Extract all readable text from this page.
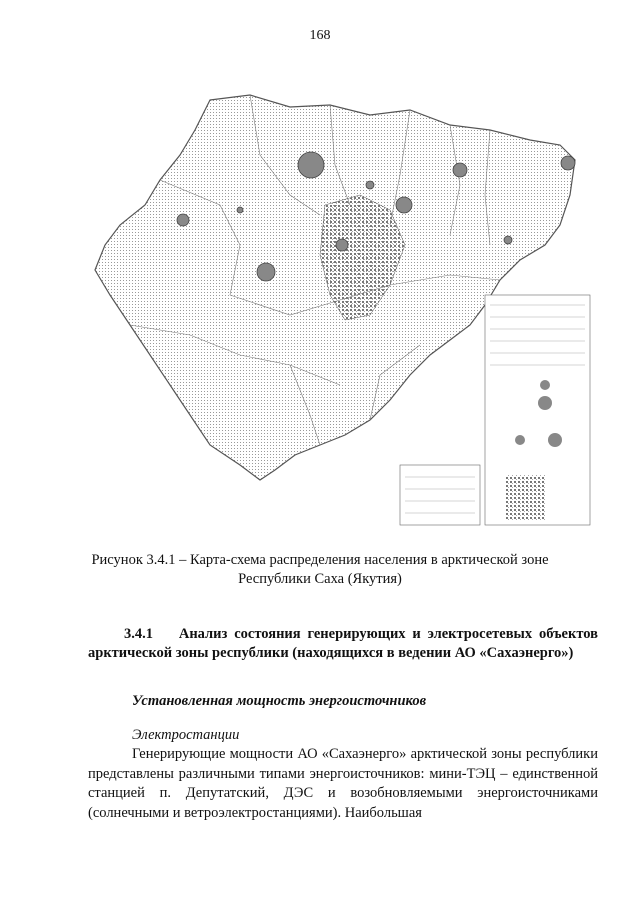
168
Рисунок 3.4.1 – Карта-схема распределения населения в арктической зоне Республики Саха (Якутия)
3.4.1 Анализ состояния генерирующих и электросетевых объектов арктической зоны республики (находящихся в ведении АО «Сахаэнерго»)
Установленная мощность энергоисточников
Электростанции
Генерирующие мощности АО «Сахаэнерго» арктической зоны республики представлены различными типами энергоисточников: мини-ТЭЦ – единственной станцией п. Депутатский, ДЭС и возобновляемыми энергоисточниками (солнечными и ветроэлектростанциями). Наибольшая
